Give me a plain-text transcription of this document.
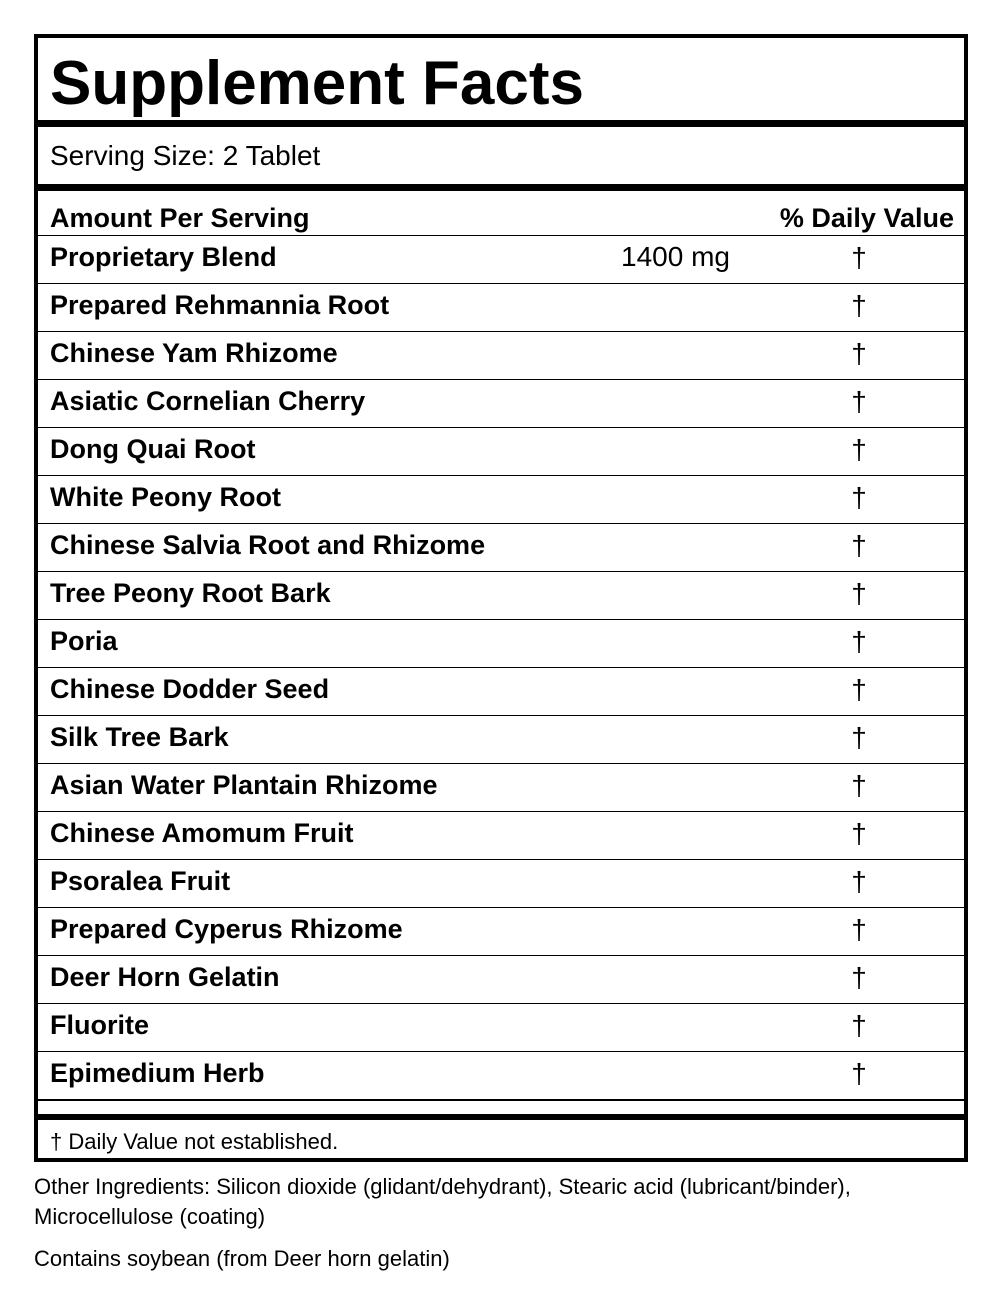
Supplement Facts
Serving Size: 2 Tablet
Amount Per Serving	% Daily Value
Proprietary Blend	1400 mg	†
Prepared Rehmannia Root	†
Chinese Yam Rhizome	†
Asiatic Cornelian Cherry	†
Dong Quai Root	†
White Peony Root	†
Chinese Salvia Root and Rhizome	†
Tree Peony Root Bark	†
Poria	†
Chinese Dodder Seed	†
Silk Tree Bark	†
Asian Water Plantain Rhizome	†
Chinese Amomum Fruit	†
Psoralea Fruit	†
Prepared Cyperus Rhizome	†
Deer Horn Gelatin	†
Fluorite	†
Epimedium Herb	†
† Daily Value not established.

Other Ingredients: Silicon dioxide (glidant/dehydrant), Stearic acid (lubricant/binder), Microcellulose (coating)

Contains soybean (from Deer horn gelatin)
